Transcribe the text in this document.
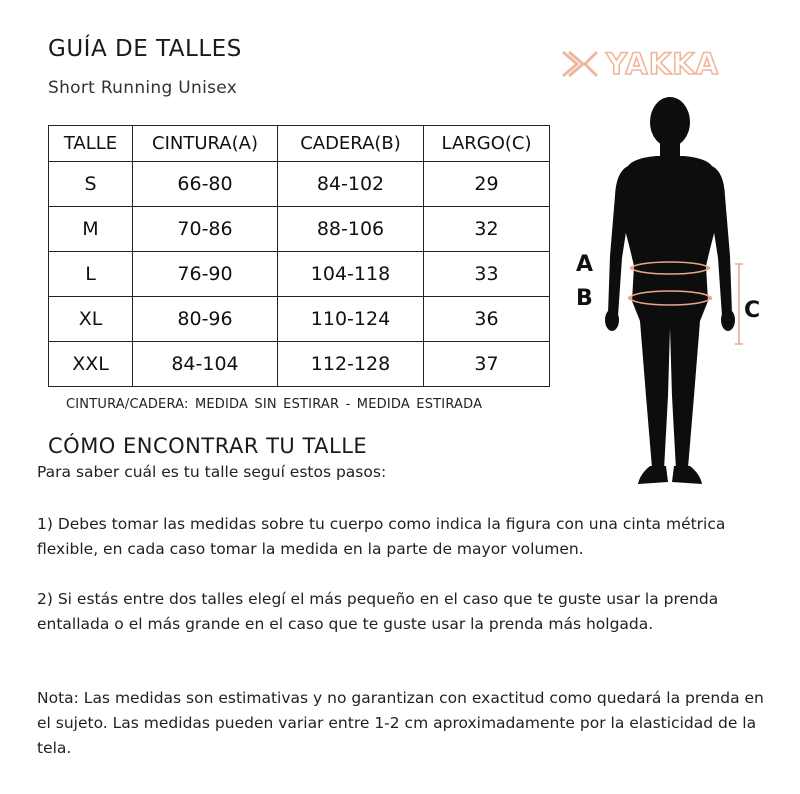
GUÍA DE TALLES
Short Running Unisex
YAKKA
TALLE	CINTURA(A)	CADERA(B)	LARGO(C)
S	66-80	84-102	29
M	70-86	88-106	32
L	76-90	104-118	33
XL	80-96	110-124	36
XXL	84-104	112-128	37
CINTURA/CADERA: MEDIDA SIN ESTIRAR - MEDIDA ESTIRADA
A
B	C
CÓMO ENCONTRAR TU TALLE
Para saber cuál es tu talle seguí estos pasos:
1) Debes tomar las medidas sobre tu cuerpo como indica la figura con una cinta métrica flexible, en cada caso tomar la medida en la parte de mayor volumen.
2) Si estás entre dos talles elegí el más pequeño en el caso que te guste usar la prenda entallada o el más grande en el caso que te guste usar la prenda más holgada.
Nota: Las medidas son estimativas y no garantizan con exactitud como quedará la prenda en el sujeto. Las medidas pueden variar entre 1-2 cm aproximadamente por la elasticidad de la tela.
